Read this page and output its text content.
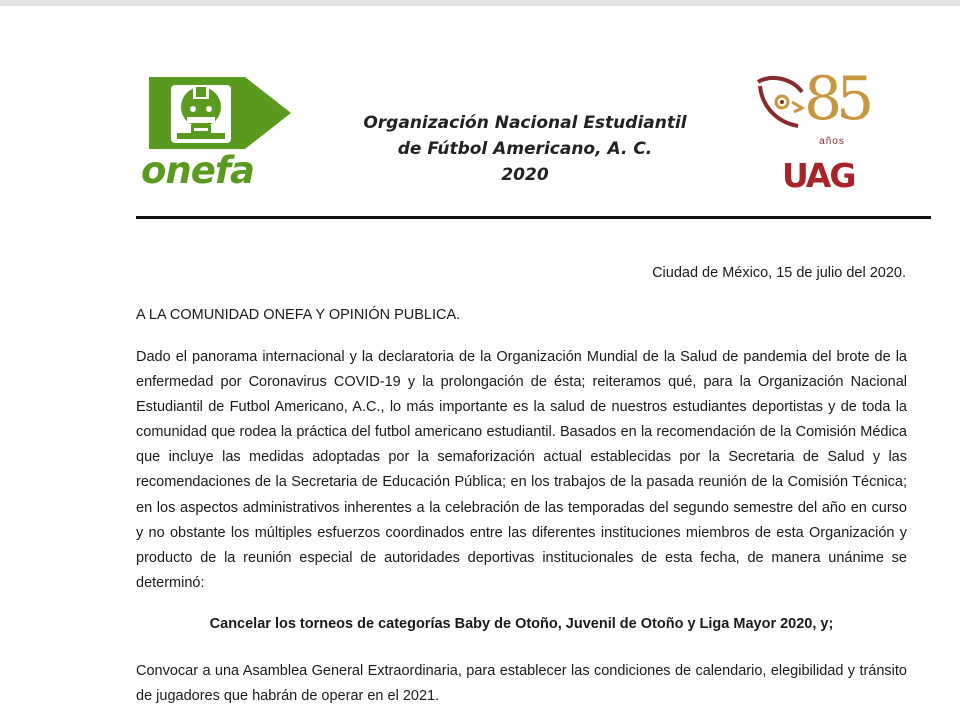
onefa
Organización Nacional Estudiantil
de Fútbol Americano, A. C.
2020
85
años
UAG
Ciudad de México, 15 de julio del 2020.
A LA COMUNIDAD ONEFA Y OPINIÓN PUBLICA.
Dado el panorama internacional y la declaratoria de la Organización Mundial de la Salud de pandemia del brote de la enfermedad por Coronavirus COVID-19 y la prolongación de ésta; reiteramos qué, para la Organización Nacional Estudiantil de Futbol Americano, A.C., lo más importante es la salud de nuestros estudiantes deportistas y de toda la comunidad que rodea la práctica del futbol americano estudiantil. Basados en la recomendación de la Comisión Médica que incluye las medidas adoptadas por la semaforización actual establecidas por la Secretaria de Salud y las recomendaciones de la Secretaria de Educación Pública; en los trabajos de la pasada reunión de la Comisión Técnica; en los aspectos administrativos inherentes a la celebración de las temporadas del segundo semestre del año en curso y no obstante los múltiples esfuerzos coordinados entre las diferentes instituciones miembros de esta Organización y producto de la reunión especial de autoridades deportivas institucionales de esta fecha, de manera unánime se determinó:
Cancelar los torneos de categorías Baby de Otoño, Juvenil de Otoño y Liga Mayor 2020, y;
Convocar a una Asamblea General Extraordinaria, para establecer las condiciones de calendario, elegibilidad y tránsito de jugadores que habrán de operar en el 2021.
